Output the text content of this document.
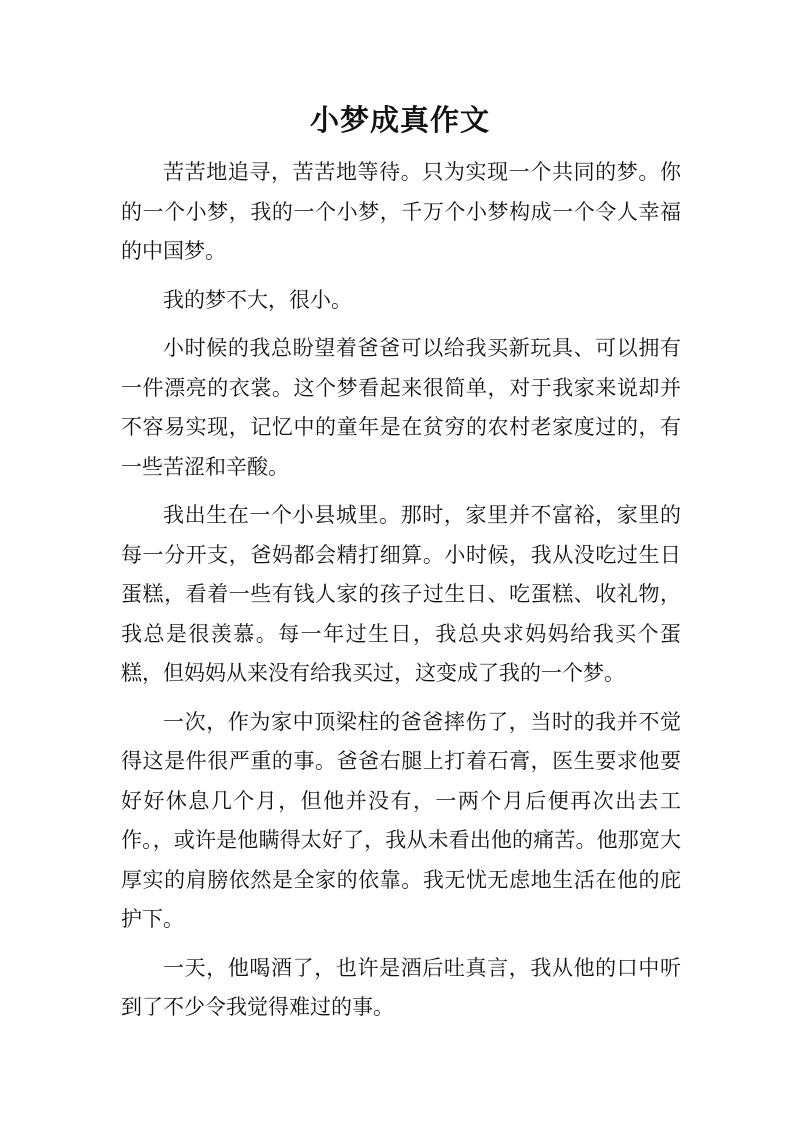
小梦成真作文

苦苦地追寻，苦苦地等待。只为实现一个共同的梦。你的一个小梦，我的一个小梦，千万个小梦构成一个令人幸福的中国梦。

我的梦不大，很小。

小时候的我总盼望着爸爸可以给我买新玩具、可以拥有一件漂亮的衣裳。这个梦看起来很简单，对于我家来说却并不容易实现，记忆中的童年是在贫穷的农村老家度过的，有一些苦涩和辛酸。

我出生在一个小县城里。那时，家里并不富裕，家里的每一分开支，爸妈都会精打细算。小时候，我从没吃过生日蛋糕，看着一些有钱人家的孩子过生日、吃蛋糕、收礼物，我总是很羡慕。每一年过生日，我总央求妈妈给我买个蛋糕，但妈妈从来没有给我买过，这变成了我的一个梦。

一次，作为家中顶梁柱的爸爸摔伤了，当时的我并不觉得这是件很严重的事。爸爸右腿上打着石膏，医生要求他要好好休息几个月，但他并没有，一两个月后便再次出去工作。，或许是他瞒得太好了，我从未看出他的痛苦。他那宽大厚实的肩膀依然是全家的依靠。我无忧无虑地生活在他的庇护下。

一天，他喝酒了，也许是酒后吐真言，我从他的口中听到了不少令我觉得难过的事。
